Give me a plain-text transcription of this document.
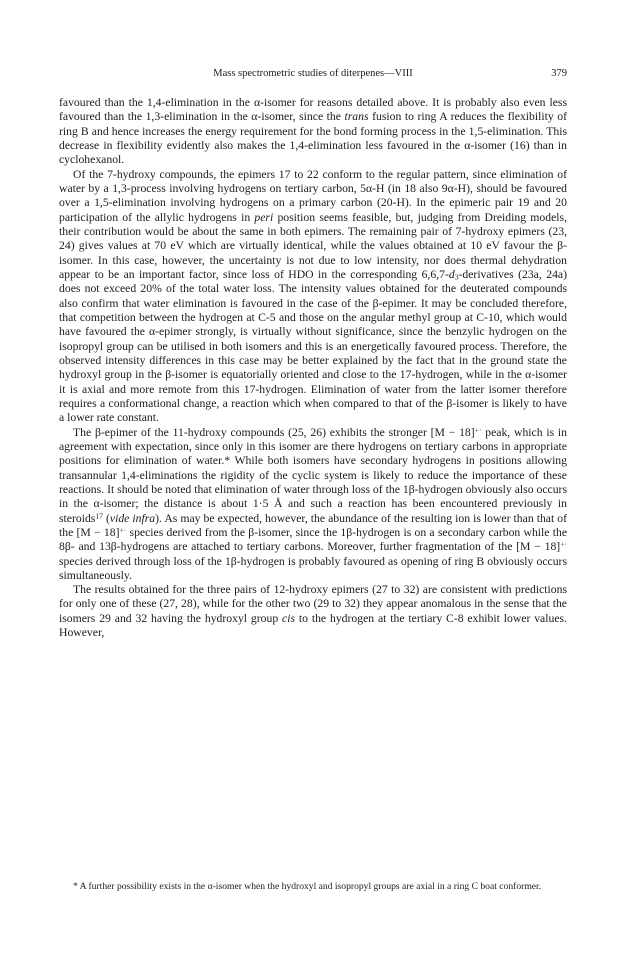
Mass spectrometric studies of diterpenes—VIII	379

favoured than the 1,4-elimination in the α-isomer for reasons detailed above. It is probably also even less favoured than the 1,3-elimination in the α-isomer, since the trans fusion to ring A reduces the flexibility of ring B and hence increases the energy requirement for the bond forming process in the 1,5-elimination. This decrease in flexibility evidently also makes the 1,4-elimination less favoured in the α-isomer (16) than in cyclohexanol.

Of the 7-hydroxy compounds, the epimers 17 to 22 conform to the regular pattern, since elimination of water by a 1,3-process involving hydrogens on tertiary carbon, 5α-H (in 18 also 9α-H), should be favoured over a 1,5-elimination involving hydrogens on a primary carbon (20-H). In the epimeric pair 19 and 20 participation of the allylic hydrogens in peri position seems feasible, but, judging from Dreiding models, their contribution would be about the same in both epimers. The remaining pair of 7-hydroxy epimers (23, 24) gives values at 70 eV which are virtually identical, while the values obtained at 10 eV favour the β-isomer. In this case, however, the uncertainty is not due to low intensity, nor does thermal dehydration appear to be an important factor, since loss of HDO in the corresponding $6,6,7-d_3$-derivatives (23a, 24a) does not exceed 20% of the total water loss. The intensity values obtained for the deuterated compounds also confirm that water elimination is favoured in the case of the β-epimer. It may be concluded therefore, that competition between the hydrogen at C-5 and those on the angular methyl group at C-10, which would have favoured the α-epimer strongly, is virtually without significance, since the benzylic hydrogen on the isopropyl group can be utilised in both isomers and this is an energetically favoured process. Therefore, the observed intensity differences in this case may be better explained by the fact that in the ground state the hydroxyl group in the β-isomer is equatorially oriented and close to the 17-hydrogen, while in the α-isomer it is axial and more remote from this 17-hydrogen. Elimination of water from the latter isomer therefore requires a conformational change, a reaction which when compared to that of the β-isomer is likely to have a lower rate constant.

The β-epimer of the 11-hydroxy compounds (25, 26) exhibits the stronger [M − 18]+· peak, which is in agreement with expectation, since only in this isomer are there hydrogens on tertiary carbons in appropriate positions for elimination of water.* While both isomers have secondary hydrogens in positions allowing transannular 1,4-eliminations the rigidity of the cyclic system is likely to reduce the importance of these reactions. It should be noted that elimination of water through loss of the 1β-hydrogen obviously also occurs in the α-isomer; the distance is about 1·5 Å and such a reaction has been encountered previously in steroids$^{17}$ (vide infra). As may be expected, however, the abundance of the resulting ion is lower than that of the [M − 18]+· species derived from the β-isomer, since the 1β-hydrogen is on a secondary carbon while the 8β- and 13β-hydrogens are attached to tertiary carbons. Moreover, further fragmentation of the [M − 18]+· species derived through loss of the 1β-hydrogen is probably favoured as opening of ring B obviously occurs simultaneously.

The results obtained for the three pairs of 12-hydroxy epimers (27 to 32) are consistent with predictions for only one of these (27, 28), while for the other two (29 to 32) they appear anomalous in the sense that the isomers 29 and 32 having the hydroxyl group cis to the hydrogen at the tertiary C-8 exhibit lower values. However,

* A further possibility exists in the α-isomer when the hydroxyl and isopropyl groups are axial in a ring C boat conformer.
